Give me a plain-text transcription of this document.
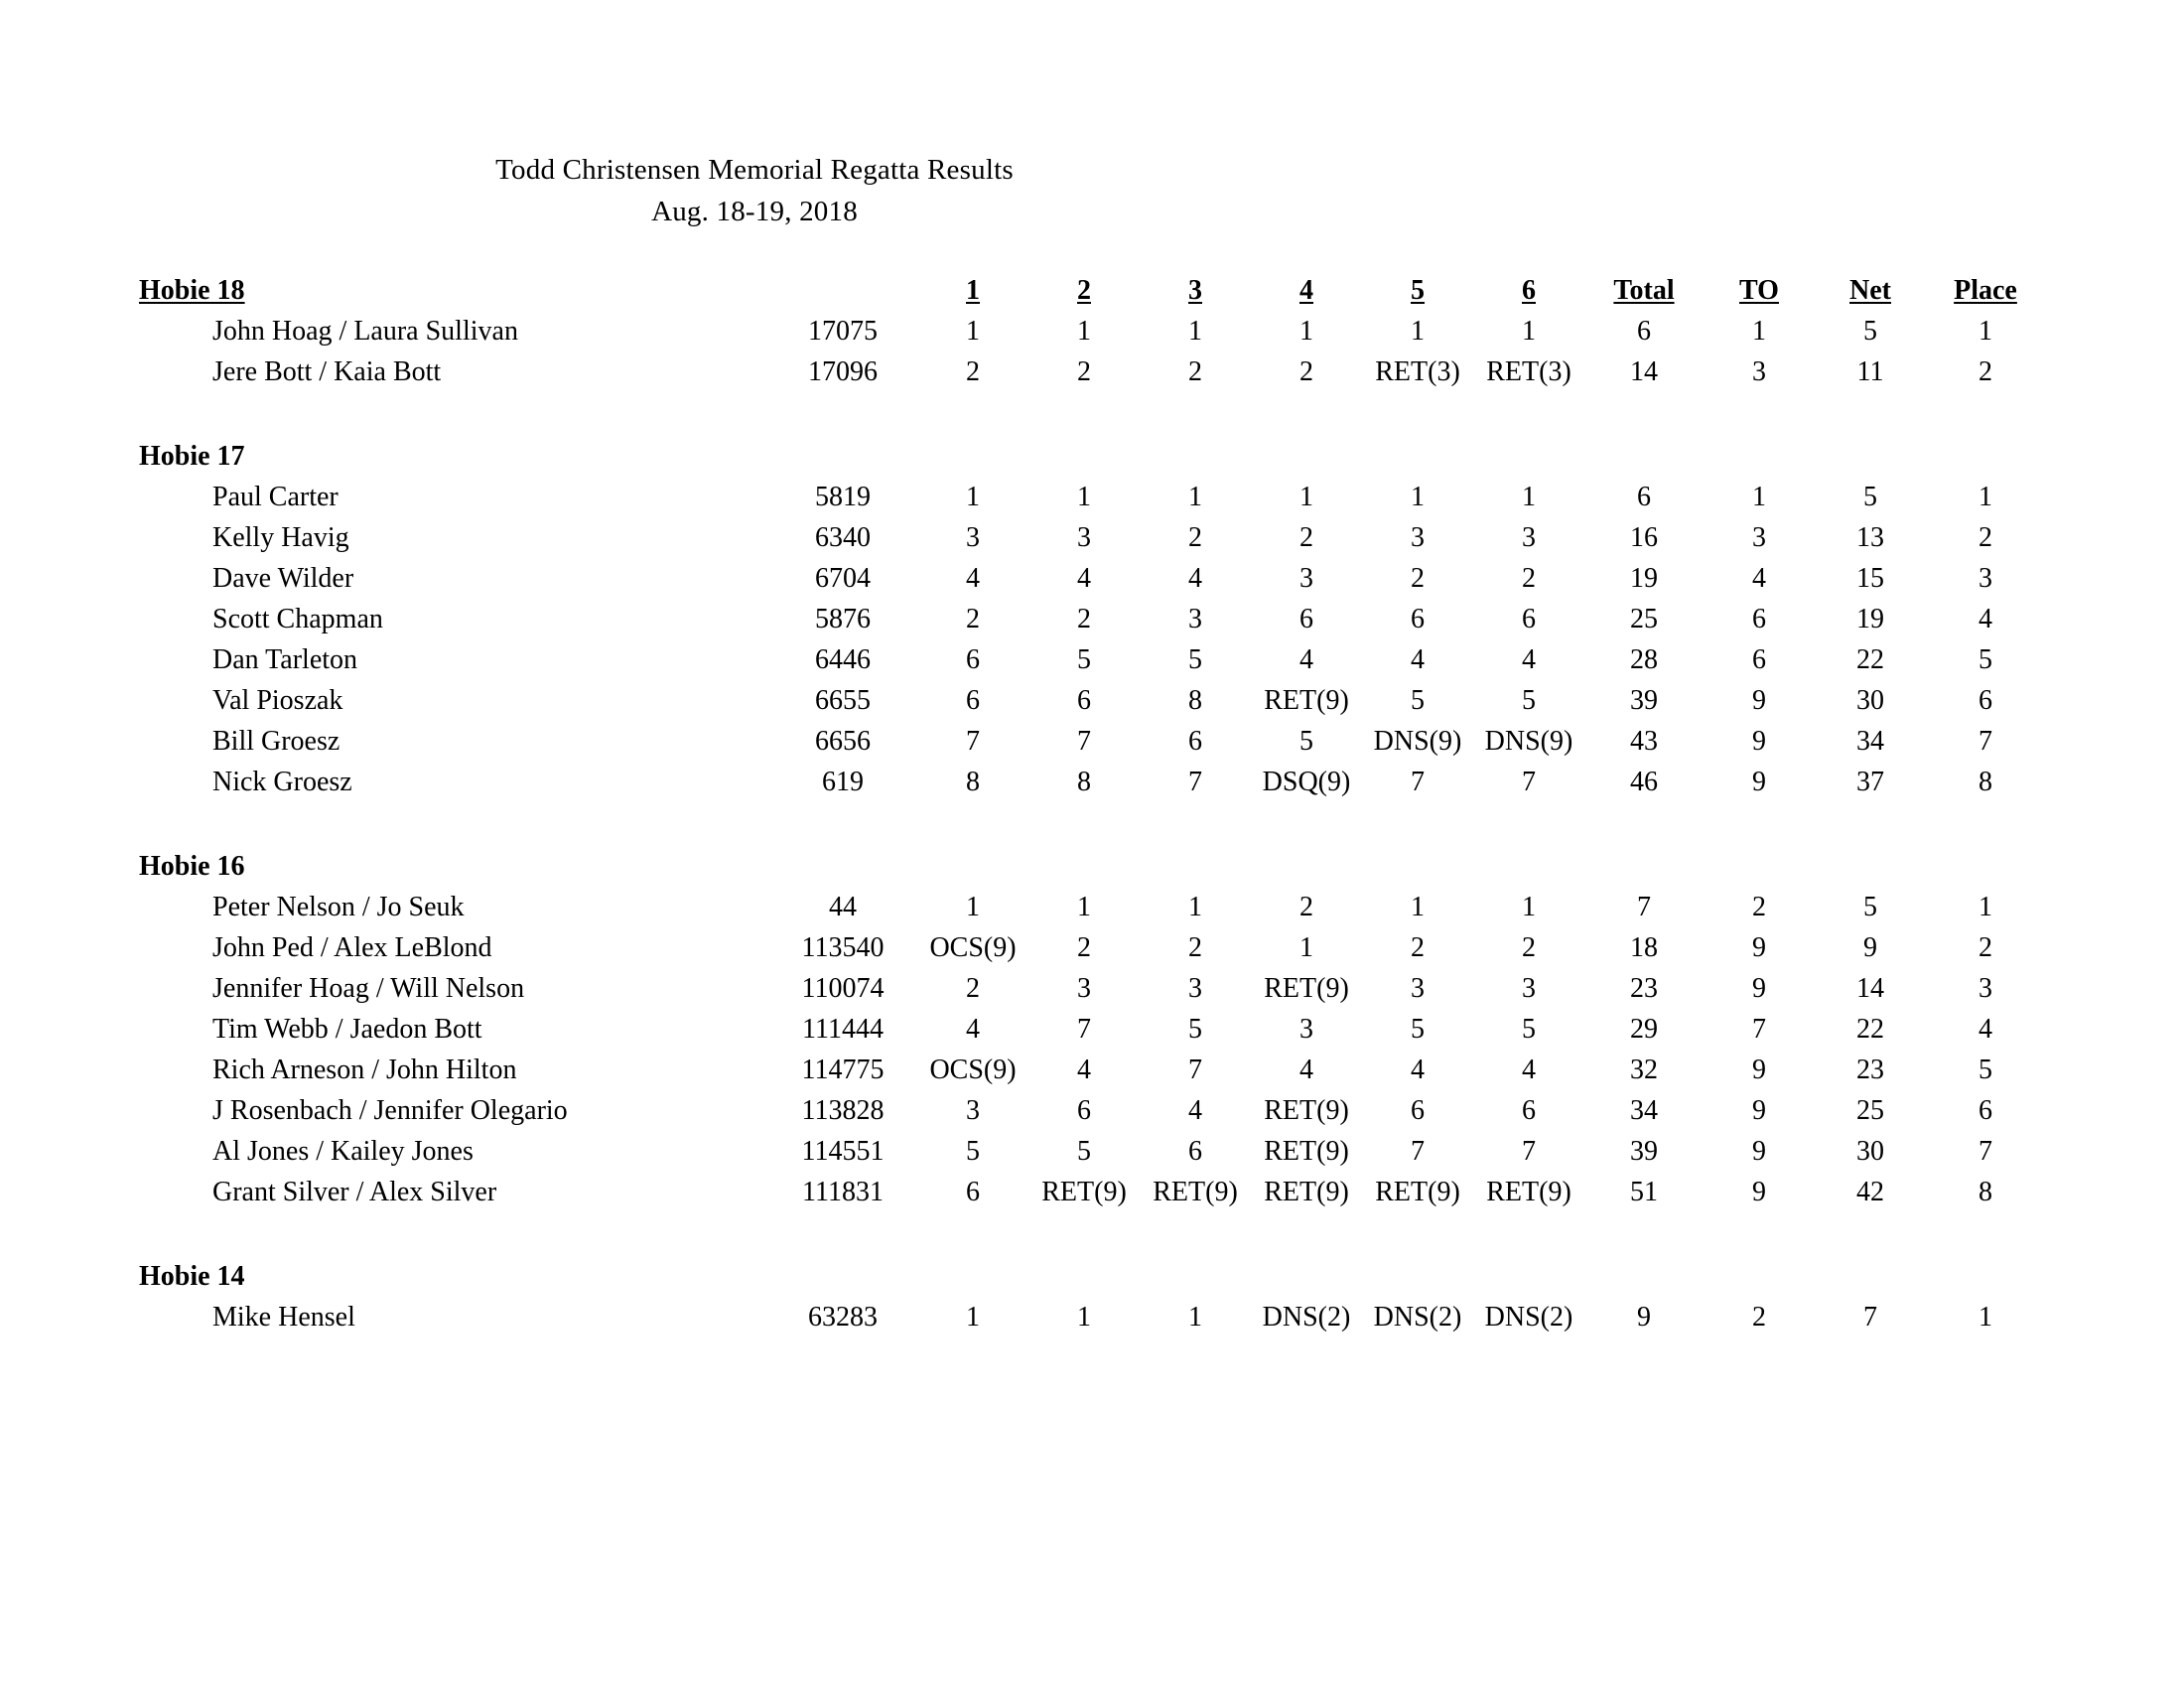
Todd Christensen Memorial Regatta Results
Aug. 18-19, 2018
Hobie 18		1	2	3	4	5	6	Total	TO	Net	Place
John Hoag / Laura Sullivan	17075	1	1	1	1	1	1	6	1	5	1
Jere Bott / Kaia Bott	17096	2	2	2	2	RET(3)	RET(3)	14	3	11	2

Hobie 17											
Paul Carter	5819	1	1	1	1	1	1	6	1	5	1
Kelly Havig	6340	3	3	2	2	3	3	16	3	13	2
Dave Wilder	6704	4	4	4	3	2	2	19	4	15	3
Scott Chapman	5876	2	2	3	6	6	6	25	6	19	4
Dan Tarleton	6446	6	5	5	4	4	4	28	6	22	5
Val Pioszak	6655	6	6	8	RET(9)	5	5	39	9	30	6
Bill Groesz	6656	7	7	6	5	DNS(9)	DNS(9)	43	9	34	7
Nick Groesz	619	8	8	7	DSQ(9)	7	7	46	9	37	8

Hobie 16											
Peter Nelson / Jo Seuk	44	1	1	1	2	1	1	7	2	5	1
John Ped / Alex LeBlond	113540	OCS(9)	2	2	1	2	2	18	9	9	2
Jennifer Hoag / Will Nelson	110074	2	3	3	RET(9)	3	3	23	9	14	3
Tim Webb / Jaedon Bott	111444	4	7	5	3	5	5	29	7	22	4
Rich Arneson / John Hilton	114775	OCS(9)	4	7	4	4	4	32	9	23	5
J Rosenbach / Jennifer Olegario	113828	3	6	4	RET(9)	6	6	34	9	25	6
Al Jones / Kailey Jones	114551	5	5	6	RET(9)	7	7	39	9	30	7
Grant Silver / Alex Silver	111831	6	RET(9)	RET(9)	RET(9)	RET(9)	RET(9)	51	9	42	8

Hobie 14											
Mike Hensel	63283	1	1	1	DNS(2)	DNS(2)	DNS(2)	9	2	7	1
